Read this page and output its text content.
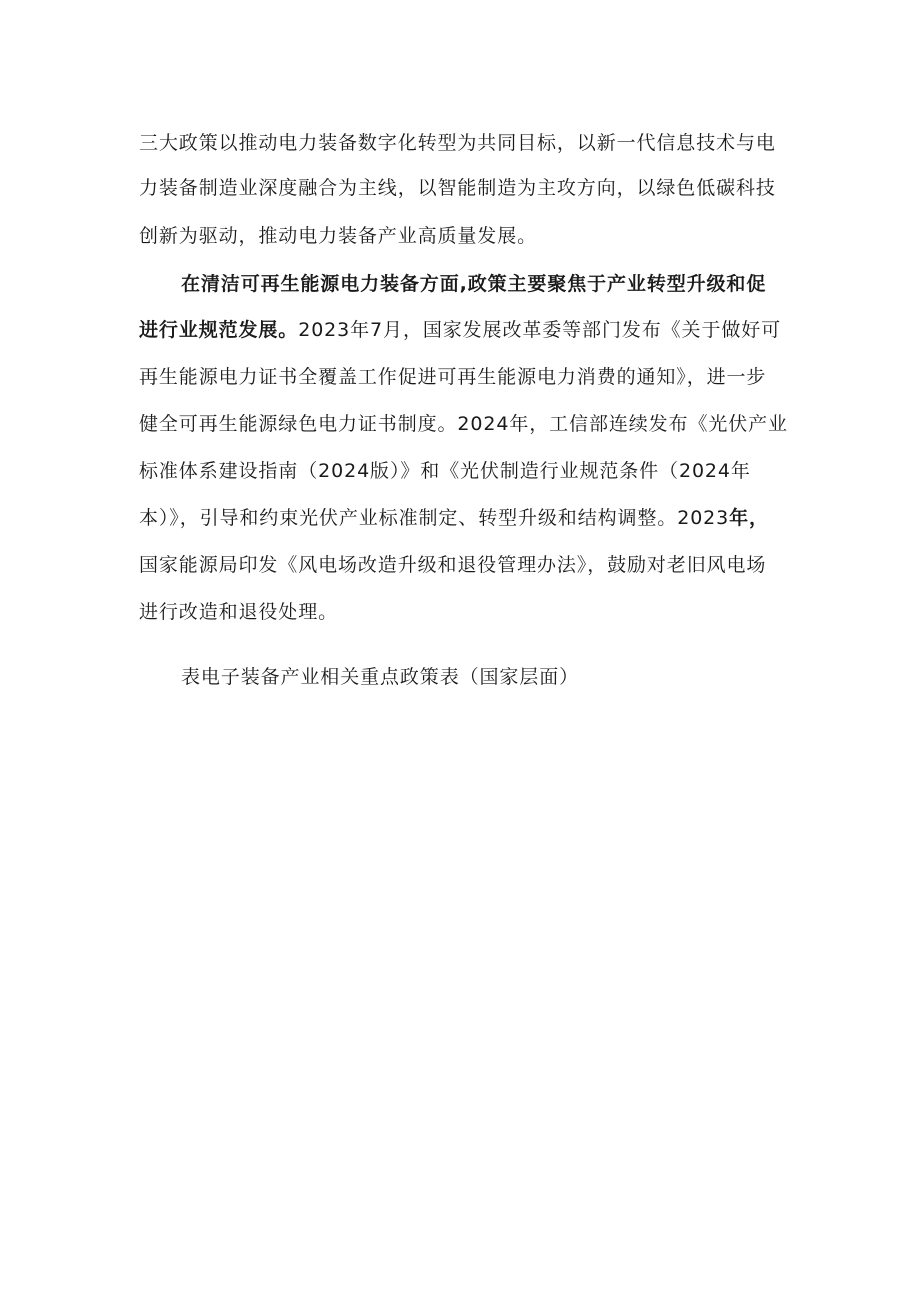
三大政策以推动电力装备数字化转型为共同目标，以新一代信息技术与电
力装备制造业深度融合为主线，以智能制造为主攻方向，以绿色低碳科技
创新为驱动，推动电力装备产业高质量发展。
在清洁可再生能源电力装备方面,政策主要聚焦于产业转型升级和促
进行业规范发展。2023年7月，国家发展改革委等部门发布《关于做好可
再生能源电力证书全覆盖工作促进可再生能源电力消费的通知》，进一步
健全可再生能源绿色电力证书制度。2024年，工信部连续发布《光伏产业
标准体系建设指南（2024版）》和《光伏制造行业规范条件（2024年
本）》，引导和约束光伏产业标准制定、转型升级和结构调整。2023年，
国家能源局印发《风电场改造升级和退役管理办法》，鼓励对老旧风电场
进行改造和退役处理。
表电子装备产业相关重点政策表（国家层面）
